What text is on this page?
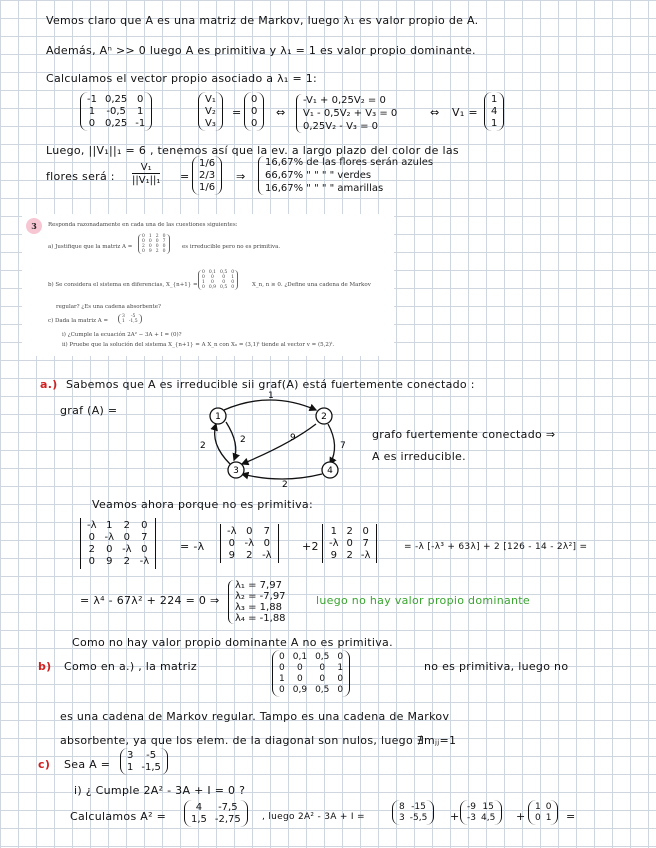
Vemos claro que A es una matriz de Markov, luego λ₁ es valor propio de A.
Además, Aⁿ >> 0 luego A es primitiva y λ₁ = 1 es valor propio dominante.
Calculamos el vector propio asociado a λ₁ = 1:
-1 0,25 0
1 -0,5 1
0 0,25 -1
V₁
V₂
V₃
=
0
0
0
⇔
-V₁ + 0,25V₂ = 0
V₁ - 0,5V₂ + V₃ = 0
0,25V₂ - V₃ = 0
⇔ V₁ =
1
4
1
Luego, ||V₁||₁ = 6 , tenemos así que la ev. a largo plazo del color de las
flores será : $\frac{\text{V₁}}{\text{||V₁||₁}}$ =
1/6
2/3
1/6
⇒
16,67% de las flores serán azules
66,67% " " " " verdes
16,67% " " " " amarillas
3	Responda razonadamente en cada una de las cuestiones siguientes:
a) Justifique que la matriz A =
0 1 2 0
0 0 0 7
2 0 0 0
0 9 2 0
es irreducible pero no es primitiva.
b) Se considera el sistema en diferencias, X_{n+1} =
0 0,1 0,5 0
0	0	0	1
1	0	0	0
0 0,9 0,5 0	X_n, n ≥ 0. ¿Define una cadena de Markov
regular? ¿Es una cadena absorbente?
c) Dada la matriz A =
3	-5
1 -1,5
i) ¿Cumple la ecuación 2A² − 3A + I = (0)?
ii) Pruebe que la solución del sistema X_{n+1} = A X_n con X₀ = (3,1)ᵗ tiende al vector v = (5,2)ᵗ.
a.) Sabemos que A es irreducible sii graf(A) está fuertemente conectado :
graf (A) =	1	2
3	4
1
2
2	9
7
2
grafo fuertemente conectado ⇒
A es irreducible.
Veamos ahora porque no es primitiva:
-λ 1 2 0
0 -λ 0 7
2 0 -λ 0
0 9 2 -λ
= -λ
-λ 0 7
0 -λ 0
9 2 -λ
+2
1 2 0
-λ 0 7
9 2 -λ
= -λ [-λ³ + 63λ] + 2 [126 - 14 - 2λ²] =
= λ⁴ - 67λ² + 224 = 0 ⇒
λ₁ = 7,97
λ₂ = -7,97
λ₃ = 1,88
λ₄ = -1,88
luego no hay valor propio dominante
Como no hay valor propio dominante A no es primitiva.
b) Como en a.) , la matriz
0 0,1 0,5 0
0	0	0	1
1	0	0	0
0 0,9 0,5 0
no es primitiva, luego no
es una cadena de Markov regular. Tampo es una cadena de Markov
absorbente, ya que los elem. de la diagonal son nulos, luego ∄mⱼⱼ=1
c) Sea A =
3	-5
1 -1,5
i) ¿ Cumple 2A² - 3A + I = 0 ?
Calculamos A² =
4	-7,5
1,5 -2,75 , luego 2A² - 3A + I =
8 -15
3 -5,5 +
-9 15
-3 4,5 +
1 0
0 1 =
